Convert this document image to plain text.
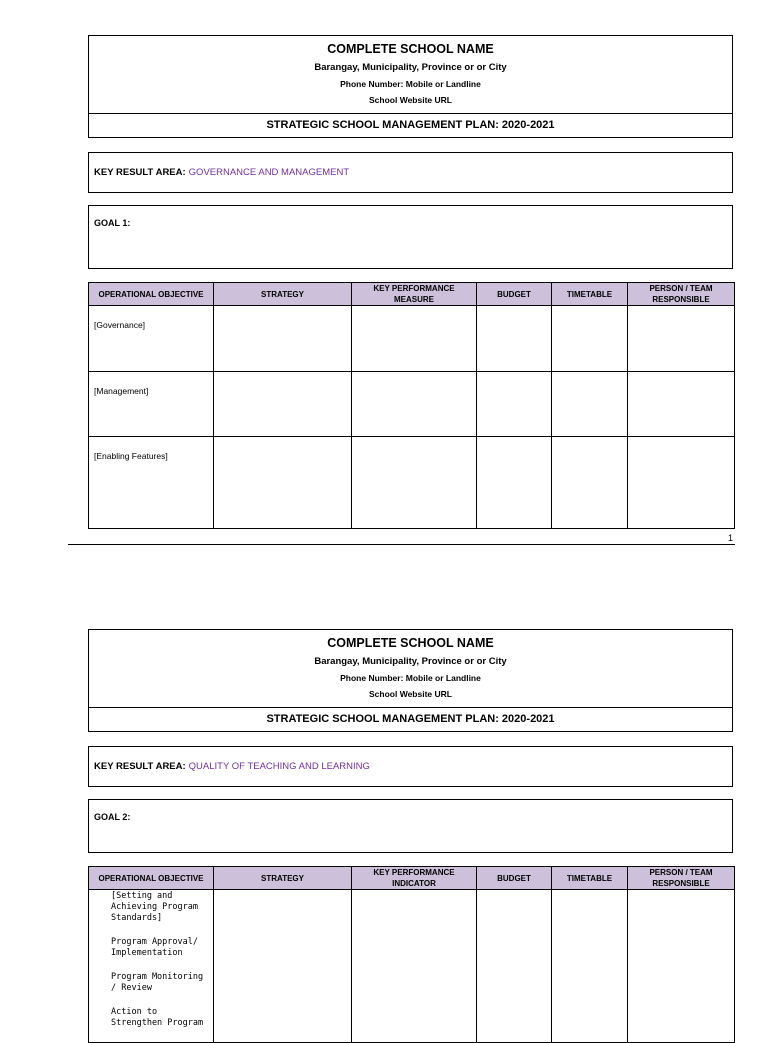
COMPLETE SCHOOL NAME
Barangay, Municipality, Province or or City
Phone Number: Mobile or Landline
School Website URL
STRATEGIC SCHOOL MANAGEMENT PLAN: 2020-2021
KEY RESULT AREA: GOVERNANCE AND MANAGEMENT
GOAL 1:
OPERATIONAL OBJECTIVE	STRATEGY	KEY PERFORMANCE MEASURE	BUDGET	TIMETABLE	PERSON / TEAM RESPONSIBLE

[Governance]					

[Management]					

[Enabling Features]					

1
COMPLETE SCHOOL NAME
Barangay, Municipality, Province or or City
Phone Number: Mobile or Landline
School Website URL
STRATEGIC SCHOOL MANAGEMENT PLAN: 2020-2021
KEY RESULT AREA: QUALITY OF TEACHING AND LEARNING
GOAL 2:
OPERATIONAL OBJECTIVE	STRATEGY	KEY PERFORMANCE INDICATOR	BUDGET	TIMETABLE	PERSON / TEAM RESPONSIBLE

[Setting and Achieving Program Standards]
Program Approval/ Implementation
Program Monitoring / Review
Action to Strengthen Program					
